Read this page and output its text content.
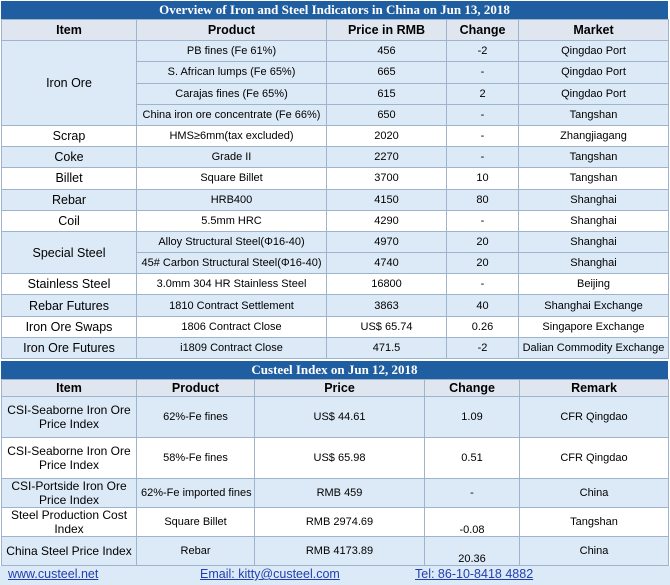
Overview of Iron and Steel Indicators in China on Jun 13, 2018
Item	Product	Price in RMB	Change	Market
Iron Ore	PB fines (Fe 61%)	456	-2	Qingdao Port
	S. African lumps (Fe 65%)	665	-	Qingdao Port
	Carajas fines (Fe 65%)	615	2	Qingdao Port
	China iron ore concentrate (Fe 66%)	650	-	Tangshan
Scrap	HMS≥6mm(tax excluded)	2020	-	Zhangjiagang
Coke	Grade II	2270	-	Tangshan
Billet	Square Billet	3700	10	Tangshan
Rebar	HRB400	4150	80	Shanghai
Coil	5.5mm HRC	4290	-	Shanghai
Special Steel	Alloy Structural Steel(Φ16-40)	4970	20	Shanghai
	45# Carbon Structural Steel(Φ16-40)	4740	20	Shanghai
Stainless Steel	3.0mm 304 HR Stainless Steel	16800	-	Beijing
Rebar Futures	1810 Contract Settlement	3863	40	Shanghai Exchange
Iron Ore Swaps	1806 Contract Close	US$ 65.74	0.26	Singapore Exchange
Iron Ore Futures	i1809 Contract Close	471.5	-2	Dalian Commodity Exchange
Custeel Index on Jun 12, 2018
Item	Product	Price	Change	Remark
CSI-Seaborne Iron Ore Price Index	62%-Fe fines	US$ 44.61	1.09	CFR Qingdao
CSI-Seaborne Iron Ore Price Index	58%-Fe fines	US$ 65.98	0.51	CFR Qingdao
CSI-Portside Iron Ore Price Index	62%-Fe imported fines	RMB 459	-	China
Steel Production Cost Index	Square Billet	RMB 2974.69	-0.08	Tangshan
China Steel Price Index	Rebar	RMB 4173.89	20.36	China
www.custeel.net	Email: kitty@custeel.com	Tel: 86-10-8418 4882
